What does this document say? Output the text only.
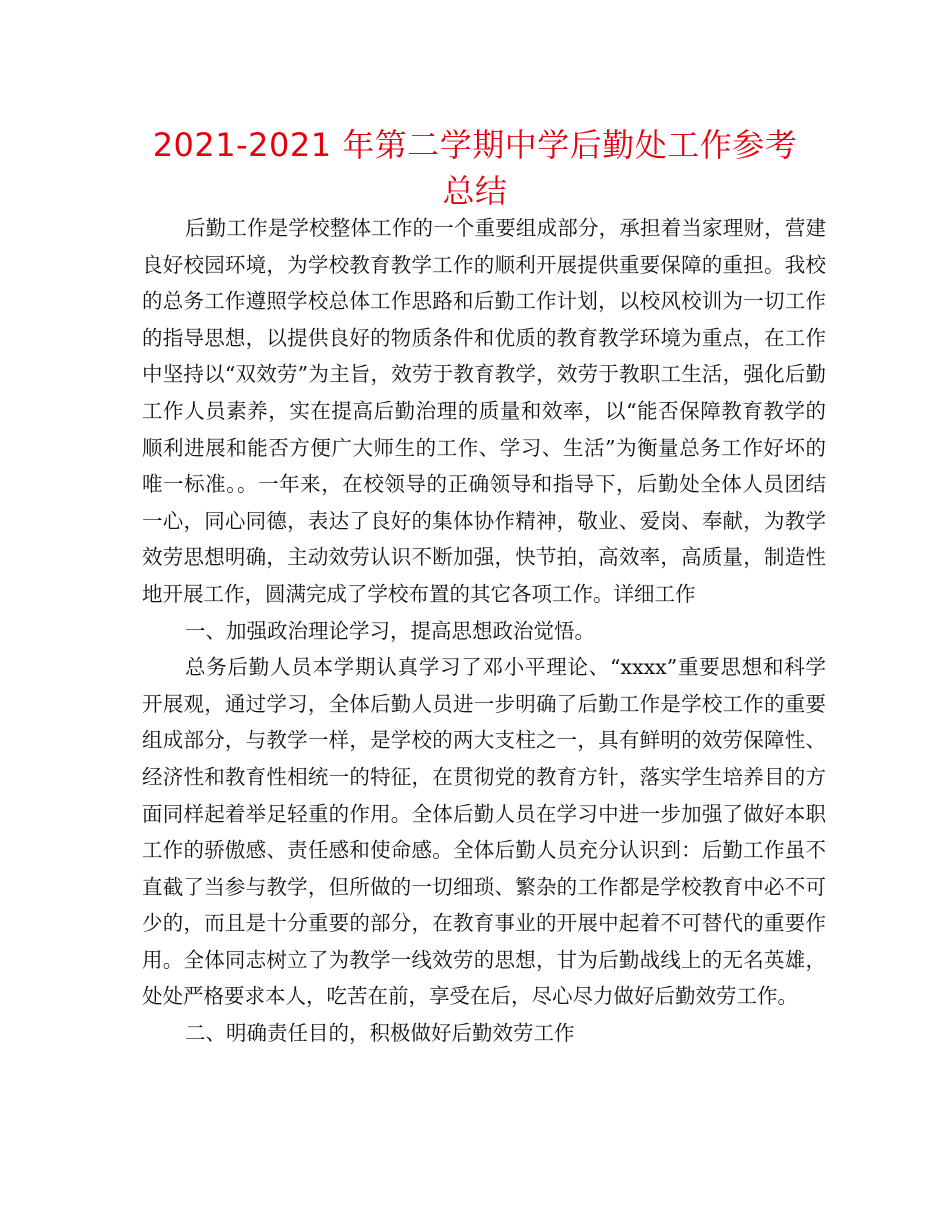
2021-2021 年第二学期中学后勤处工作参考总结

后勤工作是学校整体工作的一个重要组成部分，承担着当家理财，营建良好校园环境，为学校教育教学工作的顺利开展提供重要保障的重担。我校的总务工作遵照学校总体工作思路和后勤工作计划，以校风校训为一切工作的指导思想，以提供良好的物质条件和优质的教育教学环境为重点，在工作中坚持以“双效劳”为主旨，效劳于教育教学，效劳于教职工生活，强化后勤工作人员素养，实在提高后勤治理的质量和效率，以“能否保障教育教学的顺利进展和能否方便广大师生的工作、学习、生活”为衡量总务工作好坏的唯一标准。。一年来，在校领导的正确领导和指导下，后勤处全体人员团结一心，同心同德，表达了良好的集体协作精神，敬业、爱岗、奉献，为教学效劳思想明确，主动效劳认识不断加强，快节拍，高效率，高质量，制造性地开展工作，圆满完成了学校布置的其它各项工作。详细工作

一、加强政治理论学习，提高思想政治觉悟。

总务后勤人员本学期认真学习了邓小平理论、“xxxx”重要思想和科学开展观，通过学习，全体后勤人员进一步明确了后勤工作是学校工作的重要组成部分，与教学一样，是学校的两大支柱之一，具有鲜明的效劳保障性、经济性和教育性相统一的特征，在贯彻党的教育方针，落实学生培养目的方面同样起着举足轻重的作用。全体后勤人员在学习中进一步加强了做好本职工作的骄傲感、责任感和使命感。全体后勤人员充分认识到：后勤工作虽不直截了当参与教学，但所做的一切细琐、繁杂的工作都是学校教育中必不可少的，而且是十分重要的部分，在教育事业的开展中起着不可替代的重要作用。全体同志树立了为教学一线效劳的思想，甘为后勤战线上的无名英雄，处处严格要求本人，吃苦在前，享受在后，尽心尽力做好后勤效劳工作。

二、明确责任目的，积极做好后勤效劳工作
